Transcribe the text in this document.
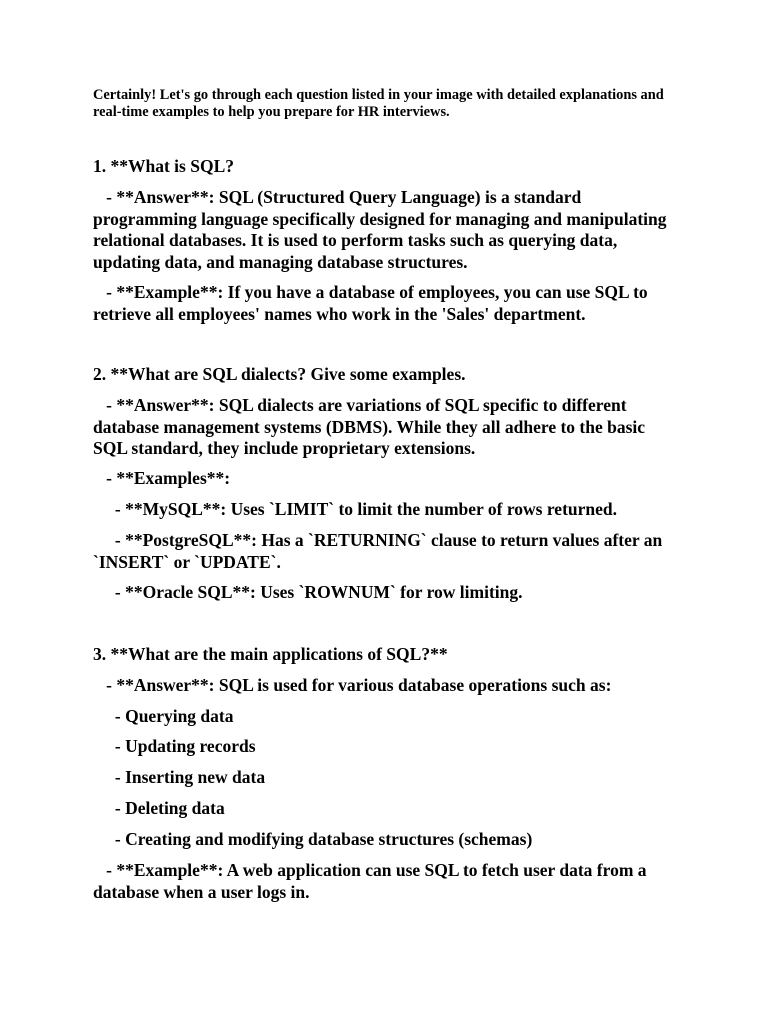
Certainly! Let's go through each question listed in your image with detailed explanations and real-time examples to help you prepare for HR interviews.

1. **What is SQL?

- **Answer**: SQL (Structured Query Language) is a standard programming language specifically designed for managing and manipulating relational databases. It is used to perform tasks such as querying data, updating data, and managing database structures.

- **Example**: If you have a database of employees, you can use SQL to retrieve all employees' names who work in the 'Sales' department.

2. **What are SQL dialects? Give some examples.

- **Answer**: SQL dialects are variations of SQL specific to different database management systems (DBMS). While they all adhere to the basic SQL standard, they include proprietary extensions.

- **Examples**:

- **MySQL**: Uses `LIMIT` to limit the number of rows returned.

- **PostgreSQL**: Has a `RETURNING` clause to return values after an `INSERT` or `UPDATE`.

- **Oracle SQL**: Uses `ROWNUM` for row limiting.

3. **What are the main applications of SQL?**

- **Answer**: SQL is used for various database operations such as:

- Querying data

- Updating records

- Inserting new data

- Deleting data

- Creating and modifying database structures (schemas)

- **Example**: A web application can use SQL to fetch user data from a database when a user logs in.
